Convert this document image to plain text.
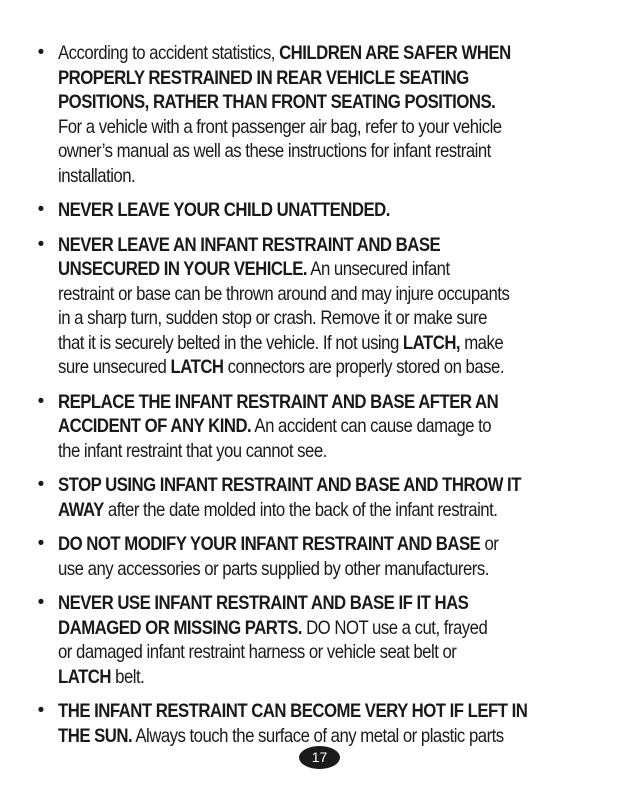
• According to accident statistics, CHILDREN ARE SAFER WHEN
PROPERLY RESTRAINED IN REAR VEHICLE SEATING
POSITIONS, RATHER THAN FRONT SEATING POSITIONS.
For a vehicle with a front passenger air bag, refer to your vehicle
owner’s manual as well as these instructions for infant restraint
installation.
• NEVER LEAVE YOUR CHILD UNATTENDED.
• NEVER LEAVE AN INFANT RESTRAINT AND BASE
UNSECURED IN YOUR VEHICLE. An unsecured infant
restraint or base can be thrown around and may injure occupants
in a sharp turn, sudden stop or crash. Remove it or make sure
that it is securely belted in the vehicle. If not using LATCH, make
sure unsecured LATCH connectors are properly stored on base.
• REPLACE THE INFANT RESTRAINT AND BASE AFTER AN
ACCIDENT OF ANY KIND. An accident can cause damage to
the infant restraint that you cannot see.
• STOP USING INFANT RESTRAINT AND BASE AND THROW IT
AWAY after the date molded into the back of the infant restraint.
• DO NOT MODIFY YOUR INFANT RESTRAINT AND BASE or
use any accessories or parts supplied by other manufacturers.
• NEVER USE INFANT RESTRAINT AND BASE IF IT HAS
DAMAGED OR MISSING PARTS. DO NOT use a cut, frayed
or damaged infant restraint harness or vehicle seat belt or
LATCH belt.
• THE INFANT RESTRAINT CAN BECOME VERY HOT IF LEFT IN
THE SUN. Always touch the surface of any metal or plastic parts
17
